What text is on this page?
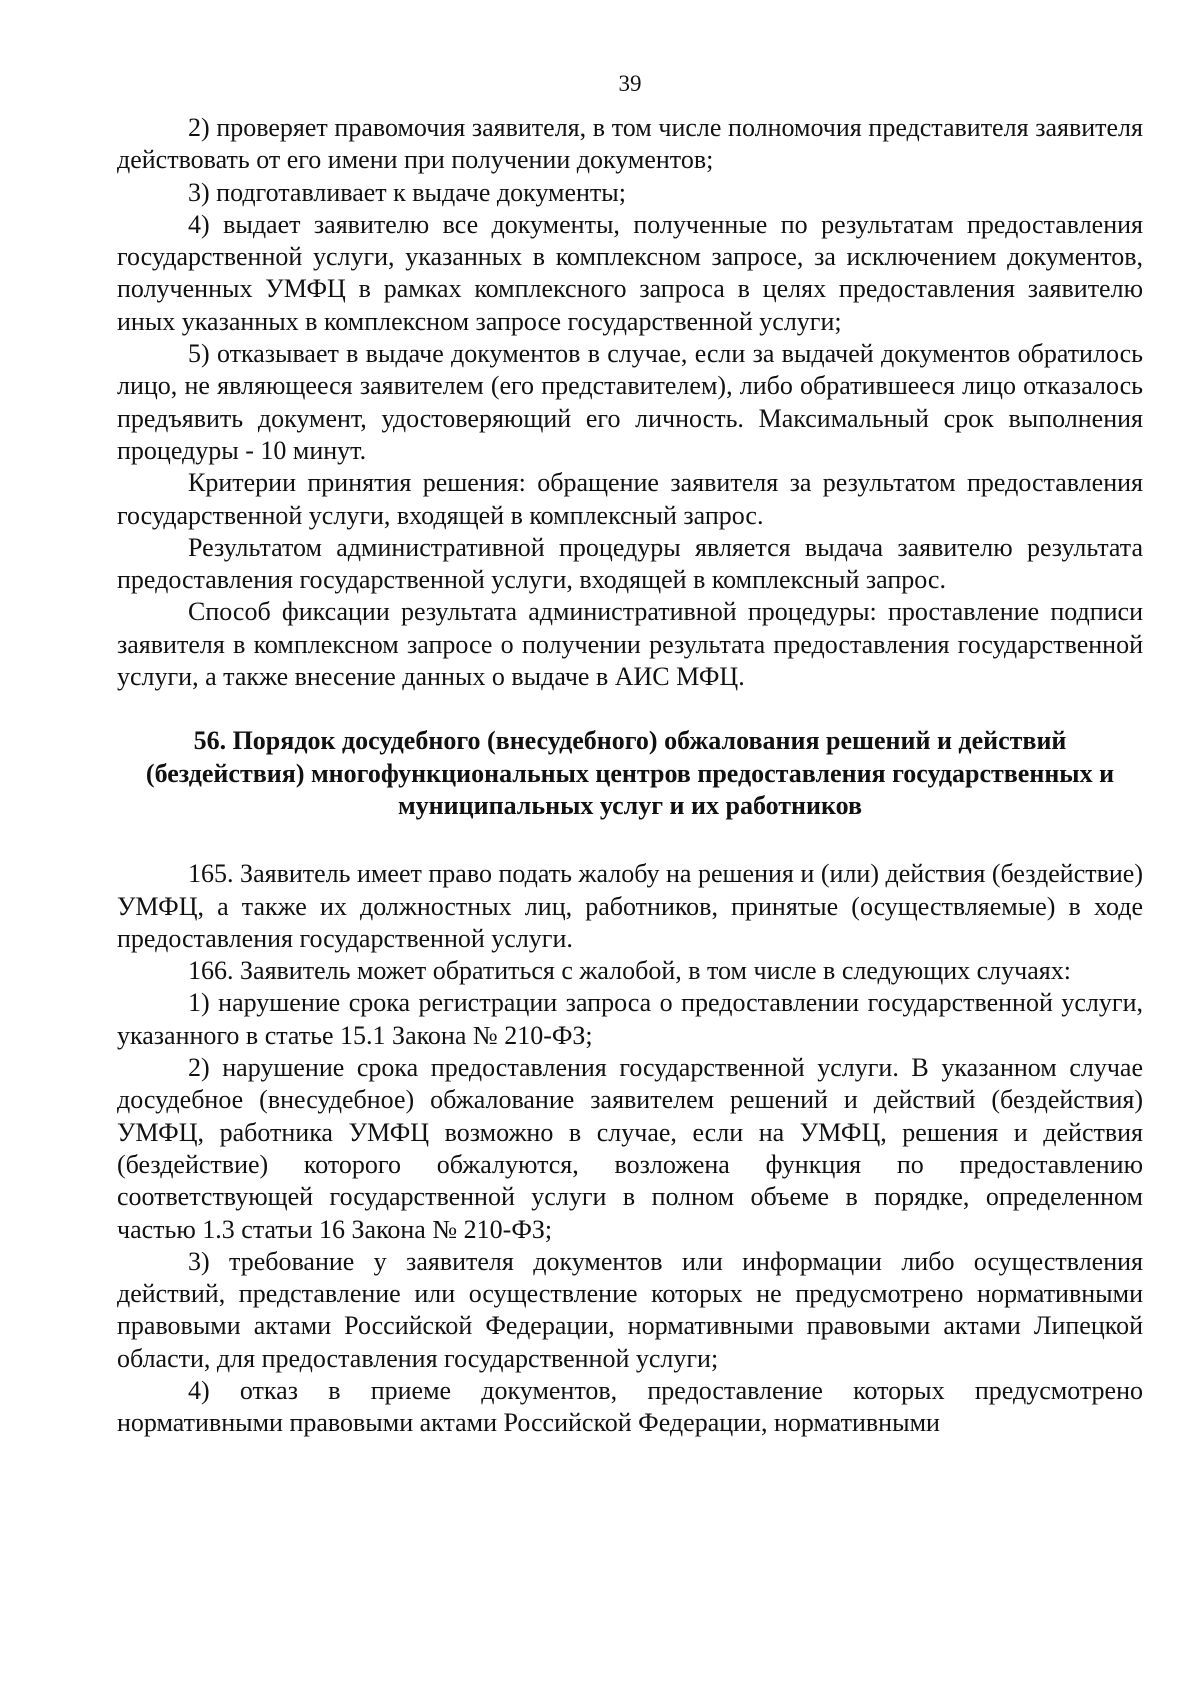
39

2) проверяет правомочия заявителя, в том числе полномочия представителя заявителя действовать от его имени при получении документов;

3) подготавливает к выдаче документы;

4) выдает заявителю все документы, полученные по результатам предоставления государственной услуги, указанных в комплексном запросе, за исключением документов, полученных УМФЦ в рамках комплексного запроса в целях предоставления заявителю иных указанных в комплексном запросе государственной услуги;

5) отказывает в выдаче документов в случае, если за выдачей документов обратилось лицо, не являющееся заявителем (его представителем), либо обратившееся лицо отказалось предъявить документ, удостоверяющий его личность. Максимальный срок выполнения процедуры - 10 минут.

Критерии принятия решения: обращение заявителя за результатом предоставления государственной услуги, входящей в комплексный запрос.

Результатом административной процедуры является выдача заявителю результата предоставления государственной услуги, входящей в комплексный запрос.

Способ фиксации результата административной процедуры: проставление подписи заявителя в комплексном запросе о получении результата предоставления государственной услуги, а также внесение данных о выдаче в АИС МФЦ.

56. Порядок досудебного (внесудебного) обжалования решений и действий (бездействия) многофункциональных центров предоставления государственных и муниципальных услуг и их работников

165. Заявитель имеет право подать жалобу на решения и (или) действия (бездействие) УМФЦ, а также их должностных лиц, работников, принятые (осуществляемые) в ходе предоставления государственной услуги.

166. Заявитель может обратиться с жалобой, в том числе в следующих случаях:

1) нарушение срока регистрации запроса о предоставлении государственной услуги, указанного в статье 15.1 Закона № 210-ФЗ;

2) нарушение срока предоставления государственной услуги. В указанном случае досудебное (внесудебное) обжалование заявителем решений и действий (бездействия) УМФЦ, работника УМФЦ возможно в случае, если на УМФЦ, решения и действия (бездействие) которого обжалуются, возложена функция по предоставлению соответствующей государственной услуги в полном объеме в порядке, определенном частью 1.3 статьи 16 Закона № 210-ФЗ;

3) требование у заявителя документов или информации либо осуществления действий, представление или осуществление которых не предусмотрено нормативными правовыми актами Российской Федерации, нормативными правовыми актами Липецкой области, для предоставления государственной услуги;

4) отказ в приеме документов, предоставление которых предусмотрено нормативными правовыми актами Российской Федерации, нормативными
